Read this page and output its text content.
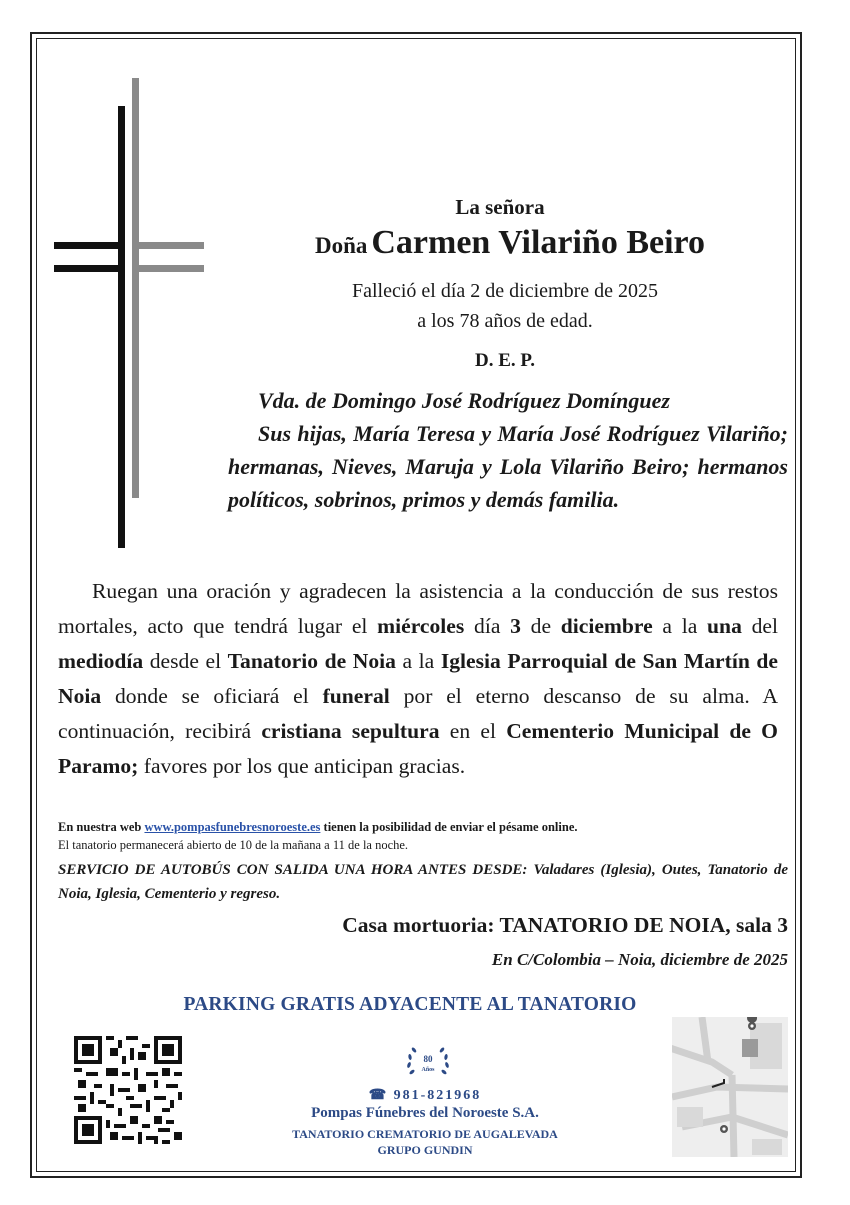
La señora
Doña Carmen Vilariño Beiro
Falleció el día 2 de diciembre de 2025
a los 78 años de edad.
D. E. P.

Vda. de Domingo José Rodríguez Domínguez

Sus hijas, María Teresa y María José Rodríguez Vilariño; hermanas, Nieves, Maruja y Lola Vilariño Beiro; hermanos políticos, sobrinos, primos y demás familia.

Ruegan una oración y agradecen la asistencia a la conducción de sus restos mortales, acto que tendrá lugar el miércoles día 3 de diciembre a la una del mediodía desde el Tanatorio de Noia a la Iglesia Parroquial de San Martín de Noia donde se oficiará el funeral por el eterno descanso de su alma. A continuación, recibirá cristiana sepultura en el Cementerio Municipal de O Paramo; favores por los que anticipan gracias.
En nuestra web www.pompasfunebresnoroeste.es tienen la posibilidad de enviar el pésame online.
El tanatorio permanecerá abierto de 10 de la mañana a 11 de la noche.
SERVICIO DE AUTOBÚS CON SALIDA UNA HORA ANTES DESDE: Valadares (Iglesia), Outes, Tanatorio de Noia, Iglesia, Cementerio y regreso.
Casa mortuoria: TANATORIO DE NOIA, sala 3
En C/Colombia – Noia, diciembre de 2025
PARKING GRATIS ADYACENTE AL TANATORIO
80
Años
☎ 981-821968
Pompas Fúnebres del Noroeste S.A.
TANATORIO CREMATORIO DE AUGALEVADA
GRUPO GUNDIN
